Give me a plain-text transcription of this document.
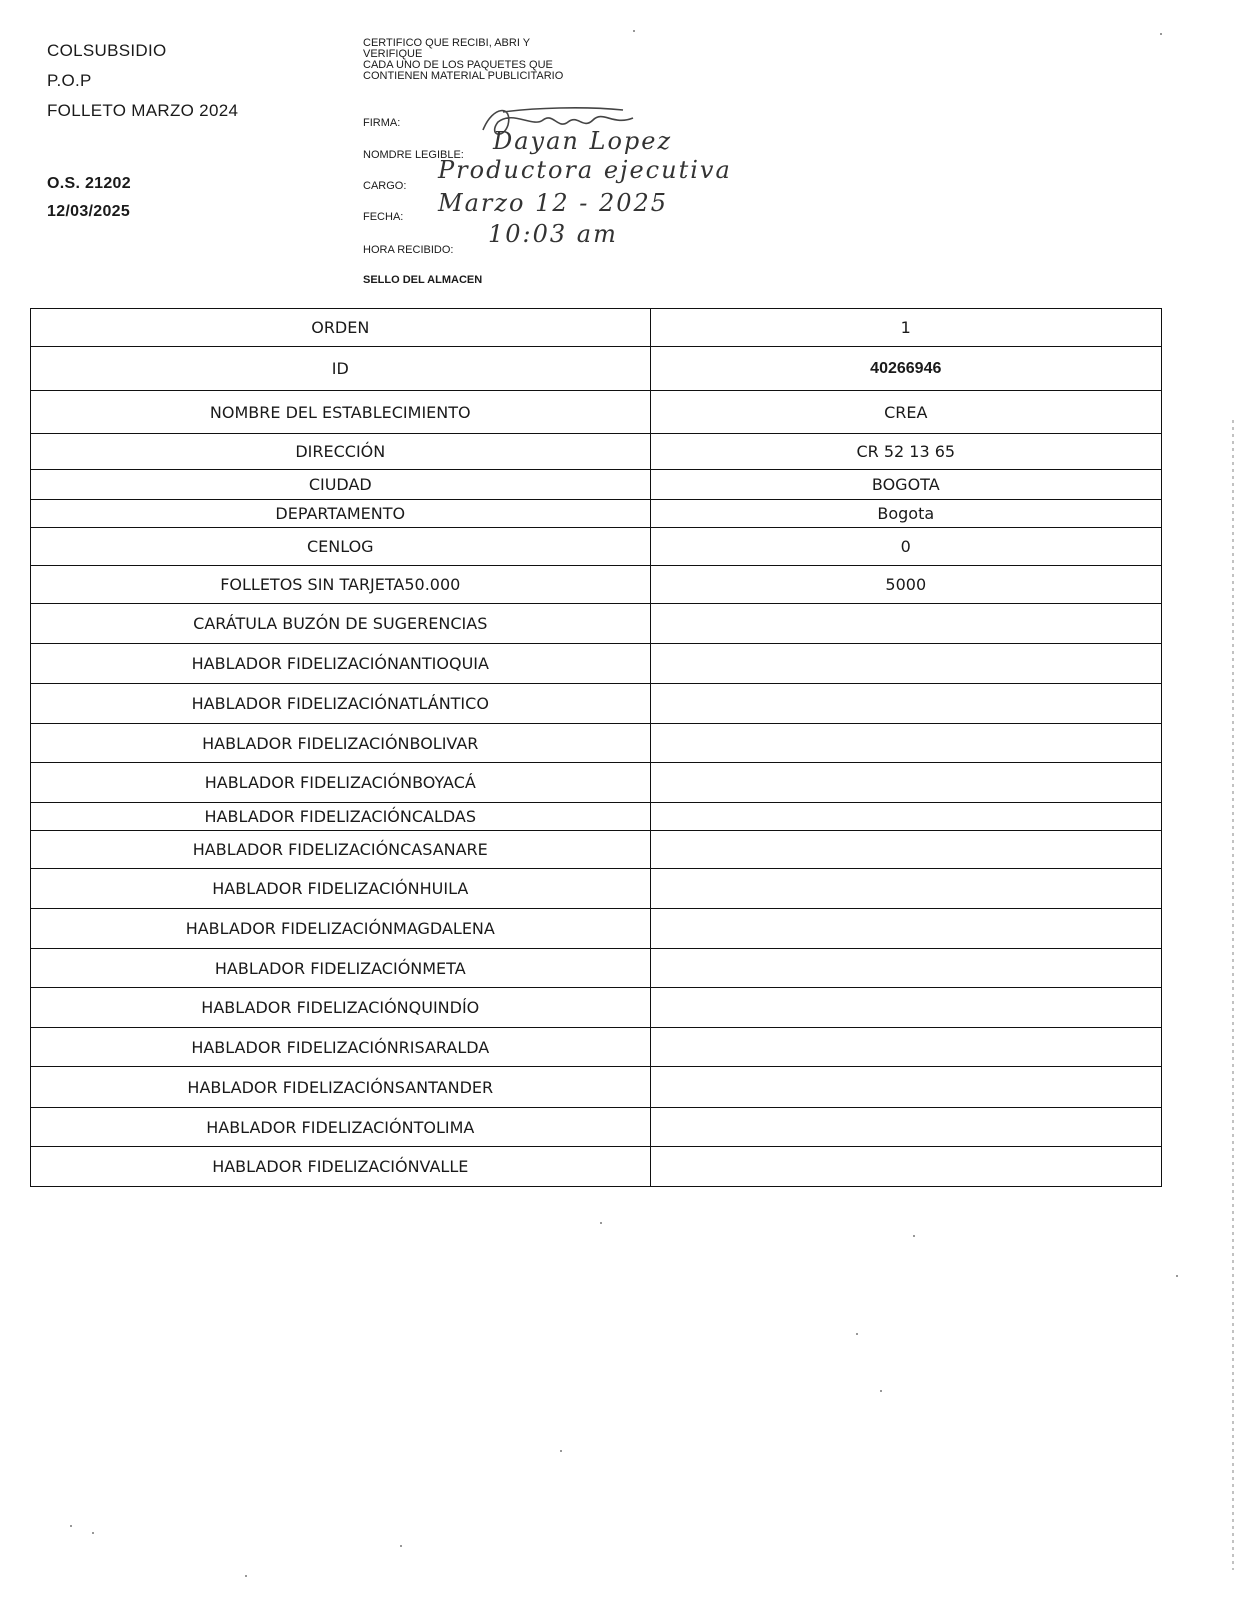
COLSUBSIDIO
P.O.P
FOLLETO MARZO 2024
O.S. 21202
12/03/2025
CERTIFICO QUE RECIBI, ABRI Y
VERIFIQUE
CADA UNO DE LOS PAQUETES QUE
CONTIENEN MATERIAL PUBLICITARIO
FIRMA:
NOMDRE LEGIBLE: Dayan Lopez
CARGO:
Productora ejecutiva
FECHA: Marzo 12 - 2025
HORA RECIBIDO:
10:03 am
SELLO DEL ALMACEN
ORDEN	1
ID	40266946
NOMBRE DEL ESTABLECIMIENTO	CREA
DIRECCIÓN	CR 52 13 65
CIUDAD	BOGOTA
DEPARTAMENTO	Bogota
CENLOG	0
FOLLETOS SIN TARJETA50.000	5000
CARÁTULA BUZÓN DE SUGERENCIAS	
HABLADOR FIDELIZACIÓNANTIOQUIA	
HABLADOR FIDELIZACIÓNATLÁNTICO	
HABLADOR FIDELIZACIÓNBOLIVAR	
HABLADOR FIDELIZACIÓNBOYACÁ	
HABLADOR FIDELIZACIÓNCALDAS	
HABLADOR FIDELIZACIÓNCASANARE	
HABLADOR FIDELIZACIÓNHUILA	
HABLADOR FIDELIZACIÓNMAGDALENA	
HABLADOR FIDELIZACIÓNMETA	
HABLADOR FIDELIZACIÓNQUINDÍO	
HABLADOR FIDELIZACIÓNRISARALDA	
HABLADOR FIDELIZACIÓNSANTANDER	
HABLADOR FIDELIZACIÓNTOLIMA	
HABLADOR FIDELIZACIÓNVALLE	
